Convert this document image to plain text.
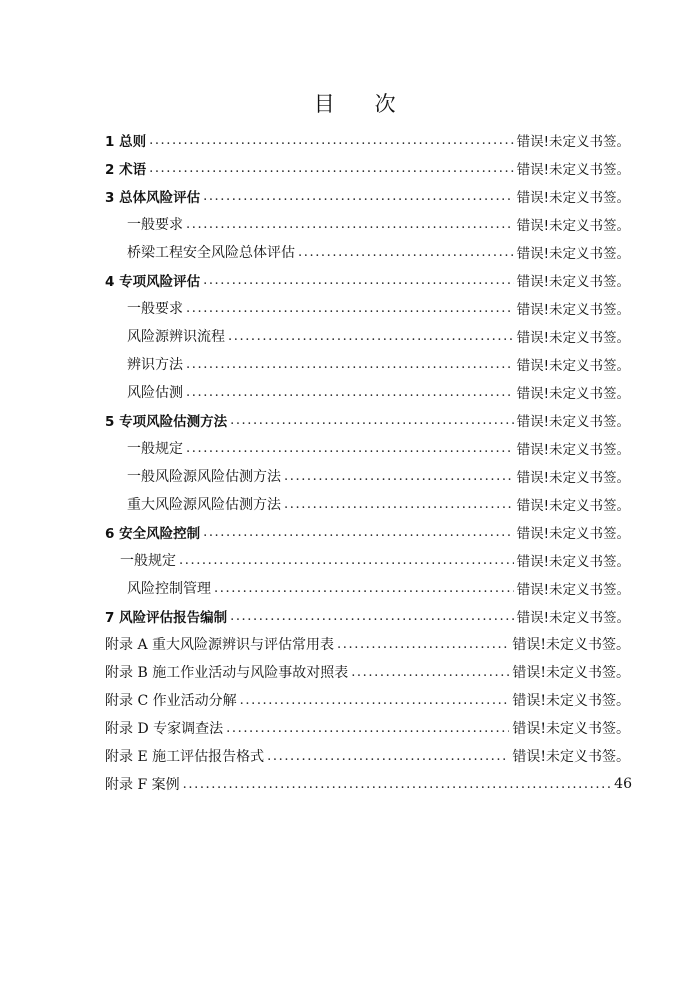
目　次
1 总则 .....	错误!未定义书签。
2 术语 .....	错误!未定义书签。
3 总体风险评估 .....	错误!未定义书签。
一般要求 .....	错误!未定义书签。
桥梁工程安全风险总体评估 .....	错误!未定义书签。
4 专项风险评估 .....	错误!未定义书签。
一般要求 .....	错误!未定义书签。
风险源辨识流程 .....	错误!未定义书签。
辨识方法 .....	错误!未定义书签。
风险估测 .....	错误!未定义书签。
5 专项风险估测方法 .....	错误!未定义书签。
一般规定 .....	错误!未定义书签。
一般风险源风险估测方法 .....	错误!未定义书签。
重大风险源风险估测方法 .....	错误!未定义书签。
6 安全风险控制 .....	错误!未定义书签。
一般规定 .....	错误!未定义书签。
风险控制管理 .....	错误!未定义书签。
7 风险评估报告编制 .....	错误!未定义书签。
附录 A 重大风险源辨识与评估常用表 .....	错误!未定义书签。
附录 B 施工作业活动与风险事故对照表 .....	错误!未定义书签。
附录 C 作业活动分解 .....	错误!未定义书签。
附录 D 专家调查法 .....	错误!未定义书签。
附录 E 施工评估报告格式 .....	错误!未定义书签。
附录 F 案例 .....	46
